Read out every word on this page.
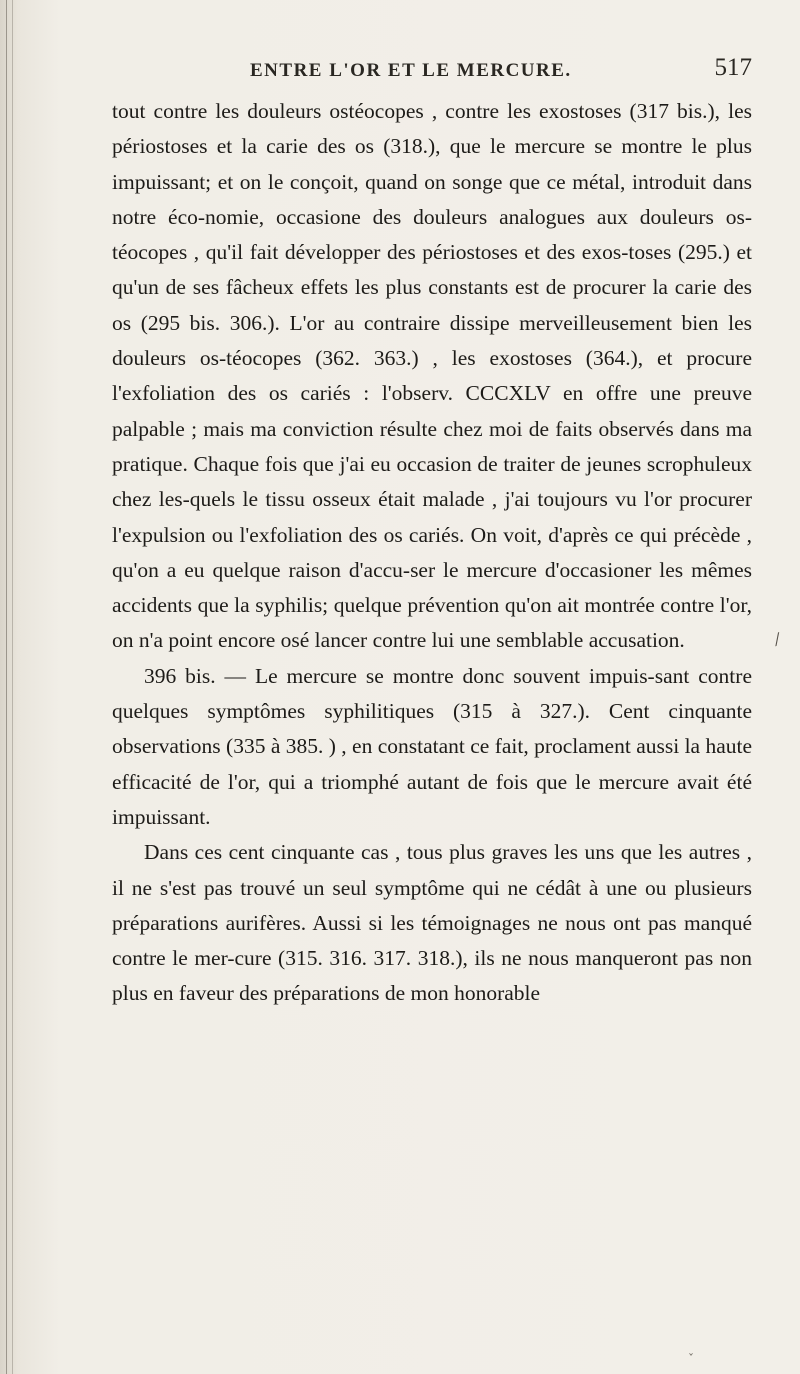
ENTRE L'OR ET LE MERCURE.	517

tout contre les douleurs ostéocopes , contre les exostoses (317 bis.), les périostoses et la carie des os (318.), que le mercure se montre le plus impuissant; et on le conçoit, quand on songe que ce métal, introduit dans notre éco-nomie, occasione des douleurs analogues aux douleurs os-téocopes , qu'il fait développer des périostoses et des exos-toses (295.) et qu'un de ses fâcheux effets les plus constants est de procurer la carie des os (295 bis. 306.). L'or au contraire dissipe merveilleusement bien les douleurs os-téocopes (362. 363.) , les exostoses (364.), et procure l'exfoliation des os cariés : l'observ. CCCXLV en offre une preuve palpable ; mais ma conviction résulte chez moi de faits observés dans ma pratique. Chaque fois que j'ai eu occasion de traiter de jeunes scrophuleux chez les-quels le tissu osseux était malade , j'ai toujours vu l'or procurer l'expulsion ou l'exfoliation des os cariés. On voit, d'après ce qui précède , qu'on a eu quelque raison d'accu-ser le mercure d'occasioner les mêmes accidents que la syphilis; quelque prévention qu'on ait montrée contre l'or, on n'a point encore osé lancer contre lui une semblable accusation.

396 bis. — Le mercure se montre donc souvent impuis-sant contre quelques symptômes syphilitiques (315 à 327.). Cent cinquante observations (335 à 385. ) , en constatant ce fait, proclament aussi la haute efficacité de l'or, qui a triomphé autant de fois que le mercure avait été impuissant.

Dans ces cent cinquante cas , tous plus graves les uns que les autres , il ne s'est pas trouvé un seul symptôme qui ne cédât à une ou plusieurs préparations aurifères. Aussi si les témoignages ne nous ont pas manqué contre le mer-cure (315. 316. 317. 318.), ils ne nous manqueront pas non plus en faveur des préparations de mon honorable

⁄
ˇ
